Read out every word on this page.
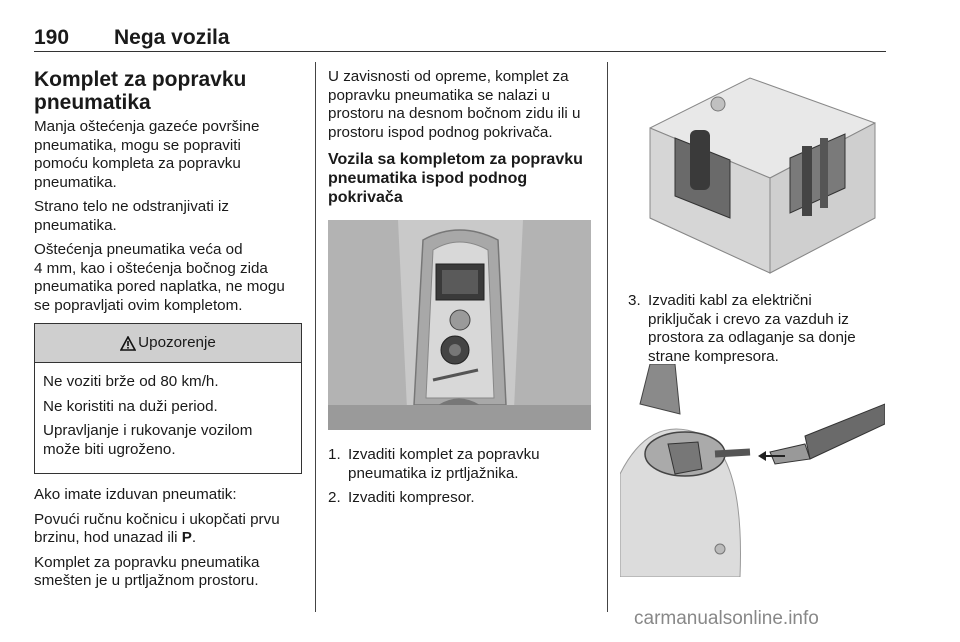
190 Nega vozila
Komplet za popravku
pneumatika

Manja oštećenja gazeće površine
pneumatika, mogu se popraviti
pomoću kompleta za popravku
pneumatika.

Strano telo ne odstranjivati iz
pneumatika.

Oštećenja pneumatika veća od
4 mm, kao i oštećenja bočnog zida
pneumatika pored naplatka, ne mogu
se popravljati ovim kompletom.

Upozorenje

Ne voziti brže od 80 km/h.

Ne koristiti na duži period.

Upravljanje i rukovanje vozilom
može biti ugroženo.

Ako imate izduvan pneumatik:

Povući ručnu kočnicu i ukopčati prvu
brzinu, hod unazad ili P.

Komplet za popravku pneumatika
smešten je u prtljažnom prostoru.

U zavisnosti od opreme, komplet za
popravku pneumatika se nalazi u
prostoru na desnom bočnom zidu ili u
prostoru ispod podnog pokrivača.

Vozila sa kompletom za popravku
pneumatika ispod podnog
pokrivača
1. Izvaditi komplet za popravku
pneumatika iz prtljažnika.
2. Izvaditi kompresor.
3. Izvaditi kabl za električni
priključak i crevo za vazduh iz
prostora za odlaganje sa donje
strane kompresora.
carmanualsonline.info
